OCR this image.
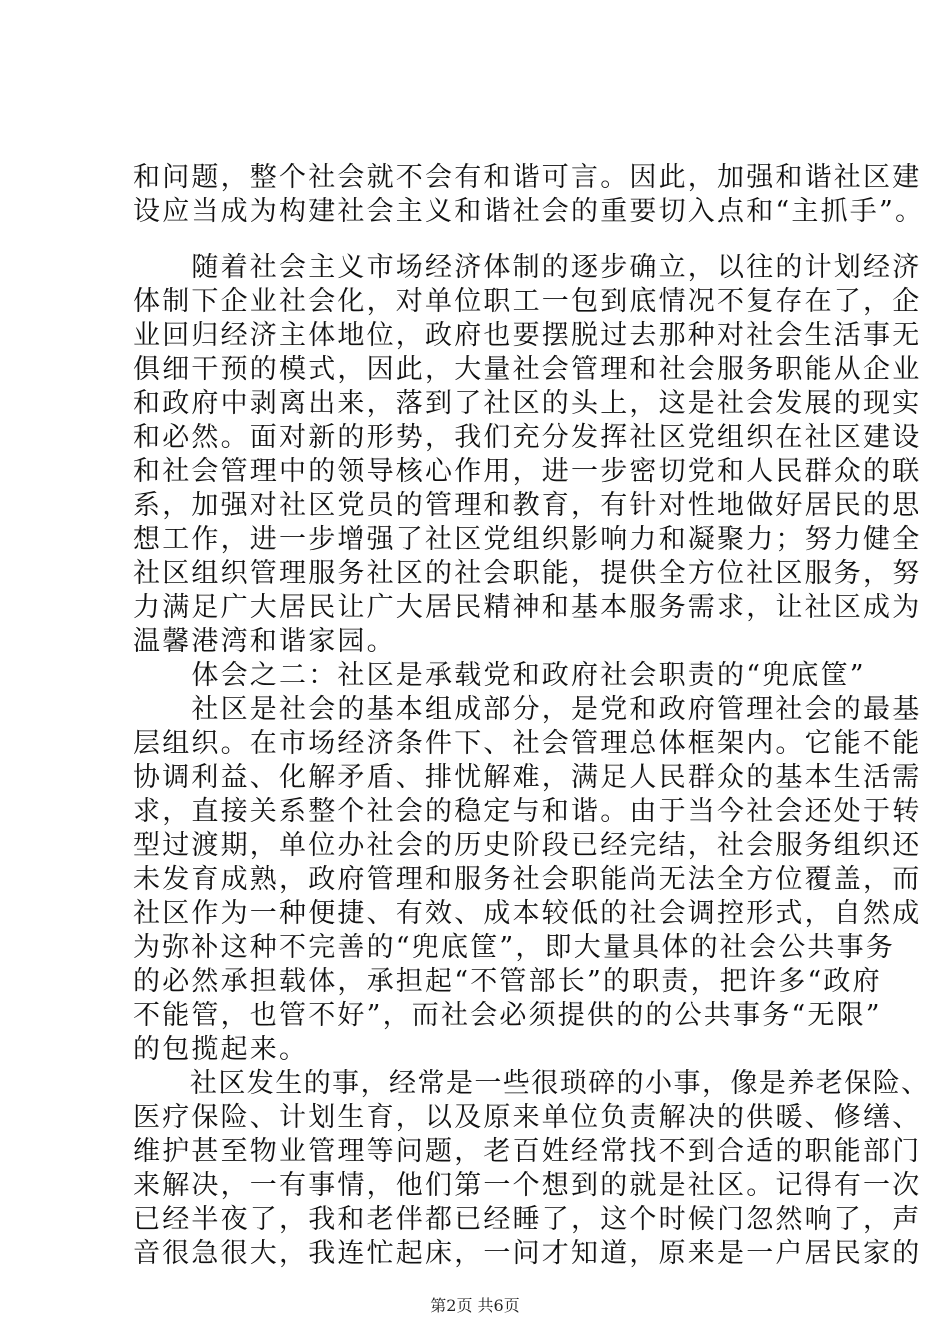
和问题，整个社会就不会有和谐可言。因此，加强和谐社区建
设应当成为构建社会主义和谐社会的重要切入点和“主抓手”。
　　随着社会主义市场经济体制的逐步确立，以往的计划经济
体制下企业社会化，对单位职工一包到底情况不复存在了，企
业回归经济主体地位，政府也要摆脱过去那种对社会生活事无
俱细干预的模式，因此，大量社会管理和社会服务职能从企业
和政府中剥离出来，落到了社区的头上，这是社会发展的现实
和必然。面对新的形势，我们充分发挥社区党组织在社区建设
和社会管理中的领导核心作用，进一步密切党和人民群众的联
系，加强对社区党员的管理和教育，有针对性地做好居民的思
想工作，进一步增强了社区党组织影响力和凝聚力；努力健全
社区组织管理服务社区的社会职能，提供全方位社区服务，努
力满足广大居民让广大居民精神和基本服务需求，让社区成为
温馨港湾和谐家园。
　　体会之二：社区是承载党和政府社会职责的“兜底筐”
　　社区是社会的基本组成部分，是党和政府管理社会的最基
层组织。在市场经济条件下、社会管理总体框架内。它能不能
协调利益、化解矛盾、排忧解难，满足人民群众的基本生活需
求，直接关系整个社会的稳定与和谐。由于当今社会还处于转
型过渡期，单位办社会的历史阶段已经完结，社会服务组织还
未发育成熟，政府管理和服务社会职能尚无法全方位覆盖，而
社区作为一种便捷、有效、成本较低的社会调控形式，自然成
为弥补这种不完善的“兜底筐”，即大量具体的社会公共事务
的必然承担载体，承担起“不管部长”的职责，把许多“政府
不能管，也管不好”，而社会必须提供的的公共事务“无限”
的包揽起来。
　　社区发生的事，经常是一些很琐碎的小事，像是养老保险、
医疗保险、计划生育，以及原来单位负责解决的供暖、修缮、
维护甚至物业管理等问题，老百姓经常找不到合适的职能部门
来解决，一有事情，他们第一个想到的就是社区。记得有一次
已经半夜了，我和老伴都已经睡了，这个时候门忽然响了，声
音很急很大，我连忙起床，一问才知道，原来是一户居民家的
第2页 共6页
